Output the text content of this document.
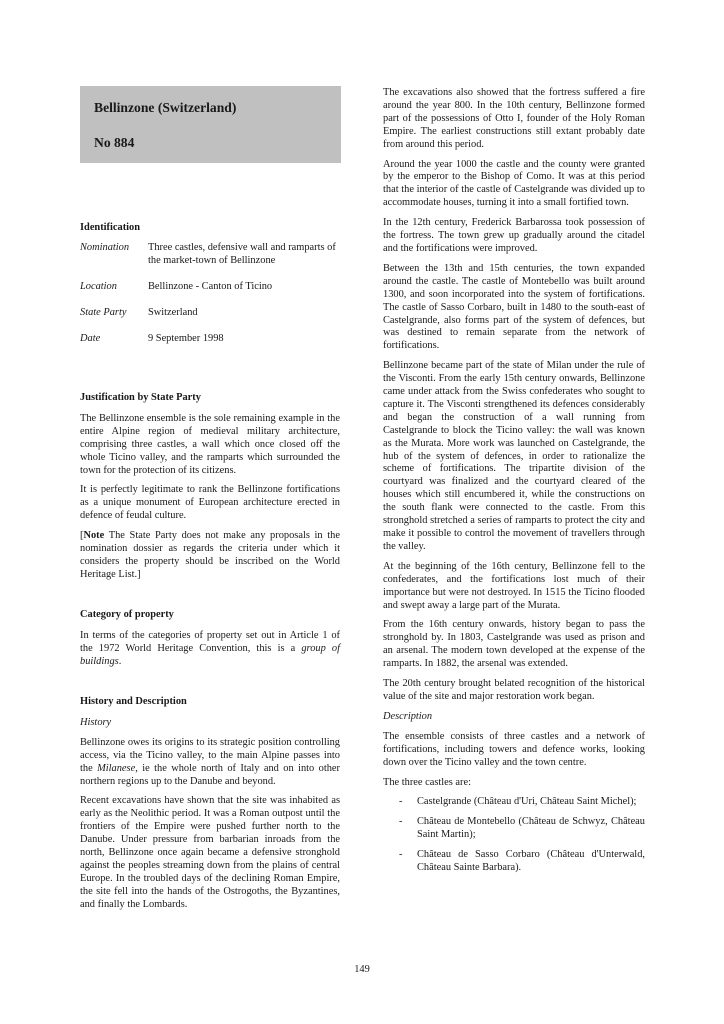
Bellinzone (Switzerland)
No 884
Identification
Nomination Three castles, defensive wall and ramparts of the market-town of Bellinzone
Location	Bellinzone - Canton of Ticino
State Party Switzerland
Date	9 September 1998
Justification by State Party

The Bellinzone ensemble is the sole remaining example in the entire Alpine region of medieval military architecture, comprising three castles, a wall which once closed off the whole Ticino valley, and the ramparts which surrounded the town for the protection of its citizens.

It is perfectly legitimate to rank the Bellinzone fortifications as a unique monument of European architecture erected in defence of feudal culture.

[Note The State Party does not make any proposals in the nomination dossier as regards the criteria under which it considers the property should be inscribed on the World Heritage List.]

Category of property

In terms of the categories of property set out in Article 1 of the 1972 World Heritage Convention, this is a group of buildings.

History and Description

History

Bellinzone owes its origins to its strategic position controlling access, via the Ticino valley, to the main Alpine passes into the Milanese, ie the whole north of Italy and on into other northern regions up to the Danube and beyond.

Recent excavations have shown that the site was inhabited as early as the Neolithic period. It was a Roman outpost until the frontiers of the Empire were pushed further north to the Danube. Under pressure from barbarian inroads from the north, Bellinzone once again became a defensive stronghold against the peoples streaming down from the plains of central Europe. In the troubled days of the declining Roman Empire, the site fell into the hands of the Ostrogoths, the Byzantines, and finally the Lombards.

The excavations also showed that the fortress suffered a fire around the year 800. In the 10th century, Bellinzone formed part of the possessions of Otto I, founder of the Holy Roman Empire. The earliest constructions still extant probably date from around this period.

Around the year 1000 the castle and the county were granted by the emperor to the Bishop of Como. It was at this period that the interior of the castle of Castelgrande was divided up to accommodate houses, turning it into a small fortified town.

In the 12th century, Frederick Barbarossa took possession of the fortress. The town grew up gradually around the citadel and the fortifications were improved.

Between the 13th and 15th centuries, the town expanded around the castle. The castle of Montebello was built around 1300, and soon incorporated into the system of fortifications. The castle of Sasso Corbaro, built in 1480 to the south-east of Castelgrande, also forms part of the system of defences, but was destined to remain separate from the network of fortifications.

Bellinzone became part of the state of Milan under the rule of the Visconti. From the early 15th century onwards, Bellinzone came under attack from the Swiss confederates who sought to capture it. The Visconti strengthened its defences considerably and began the construction of a wall running from Castelgrande to block the Ticino valley: the wall was known as the Murata. More work was launched on Castelgrande, the hub of the system of defences, in order to rationalize the scheme of fortifications. The tripartite division of the courtyard was finalized and the courtyard cleared of the houses which still encumbered it, while the constructions on the south flank were connected to the castle. From this stronghold stretched a series of ramparts to protect the city and make it possible to control the movement of travellers through the valley.

At the beginning of the 16th century, Bellinzone fell to the confederates, and the fortifications lost much of their importance but were not destroyed. In 1515 the Ticino flooded and swept away a large part of the Murata.

From the 16th century onwards, history began to pass the stronghold by. In 1803, Castelgrande was used as prison and an arsenal. The modern town developed at the expense of the ramparts. In 1882, the arsenal was extended.

The 20th century brought belated recognition of the historical value of the site and major restoration work began.

Description

The ensemble consists of three castles and a network of fortifications, including towers and defence works, looking down over the Ticino valley and the town centre.

The three castles are:

- Castelgrande (Château d'Uri, Château Saint Michel);
- Château de Montebello (Château de Schwyz, Château Saint Martin);
- Château de Sasso Corbaro (Château d'Unterwald, Château Sainte Barbara).
149
